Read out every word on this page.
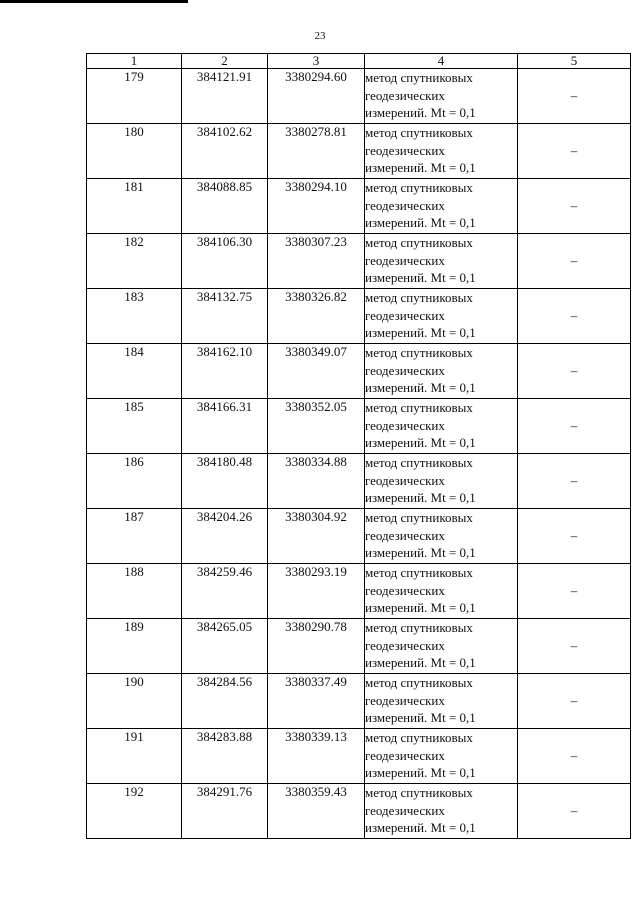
23
1	2	3	4	5
179	384121.91	3380294.60	метод спутниковых
геодезических
измерений. Mt = 0,1	–
180	384102.62	3380278.81	метод спутниковых
геодезических
измерений. Mt = 0,1	–
181	384088.85	3380294.10	метод спутниковых
геодезических
измерений. Mt = 0,1	–
182	384106.30	3380307.23	метод спутниковых
геодезических
измерений. Mt = 0,1	–
183	384132.75	3380326.82	метод спутниковых
геодезических
измерений. Mt = 0,1	–
184	384162.10	3380349.07	метод спутниковых
геодезических
измерений. Mt = 0,1	–
185	384166.31	3380352.05	метод спутниковых
геодезических
измерений. Mt = 0,1	–
186	384180.48	3380334.88	метод спутниковых
геодезических
измерений. Mt = 0,1	–
187	384204.26	3380304.92	метод спутниковых
геодезических
измерений. Mt = 0,1	–
188	384259.46	3380293.19	метод спутниковых
геодезических
измерений. Mt = 0,1	–
189	384265.05	3380290.78	метод спутниковых
геодезических
измерений. Mt = 0,1	–
190	384284.56	3380337.49	метод спутниковых
геодезических
измерений. Mt = 0,1	–
191	384283.88	3380339.13	метод спутниковых
геодезических
измерений. Mt = 0,1	–
192	384291.76	3380359.43	метод спутниковых
геодезических
измерений. Mt = 0,1	–
